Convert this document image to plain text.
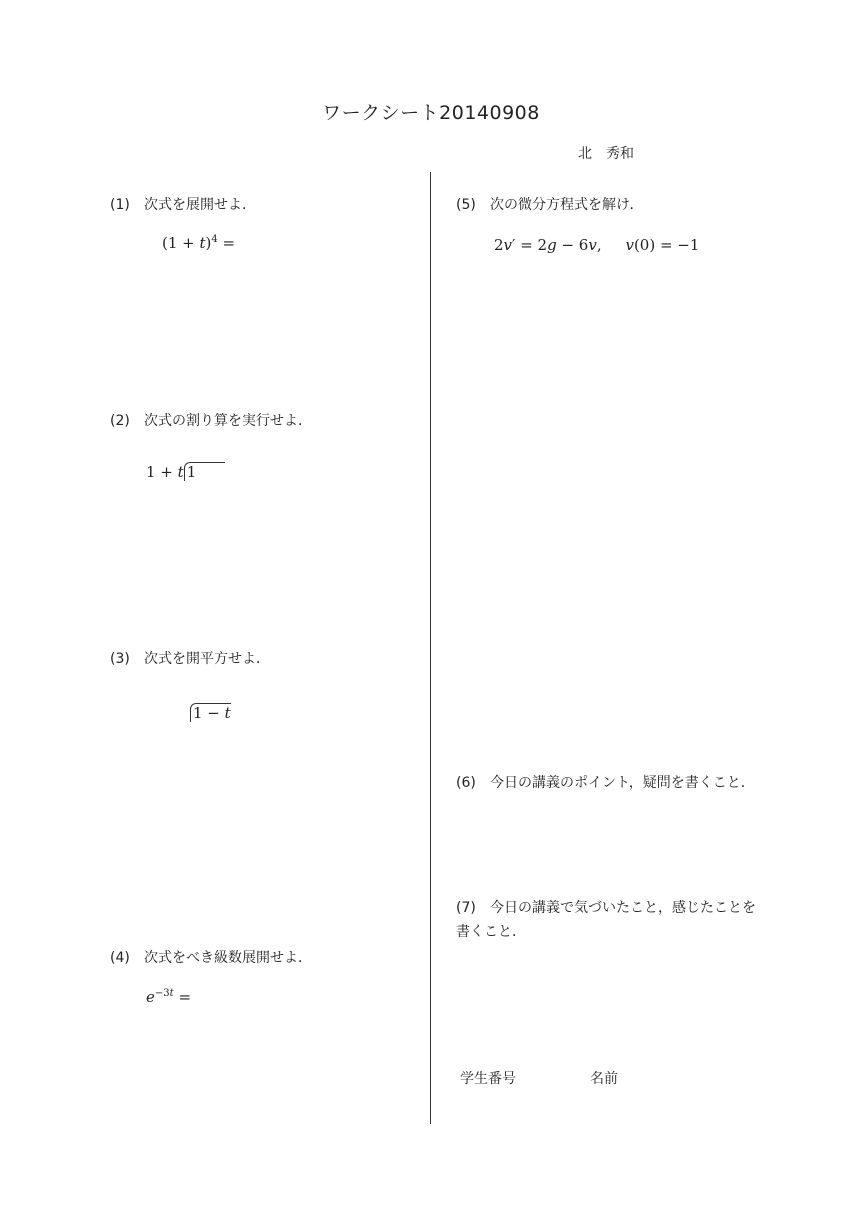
ワークシート20140908
北　秀和
(1) 次式を展開せよ．
$(1 + t)^4$ =
(2) 次式の割り算を実行せよ．
1 + t 1
(3) 次式を開平方せよ．
1 − t
(4) 次式をべき級数展開せよ．
$e^{-3t}$ =
(5) 次の微分方程式を解け．
2v′ = 2g − 6v,     v(0) = −1
(6) 今日の講義のポイント，疑問を書くこと．
(7) 今日の講義で気づいたこと，感じたことを書くこと．
学生番号	名前
